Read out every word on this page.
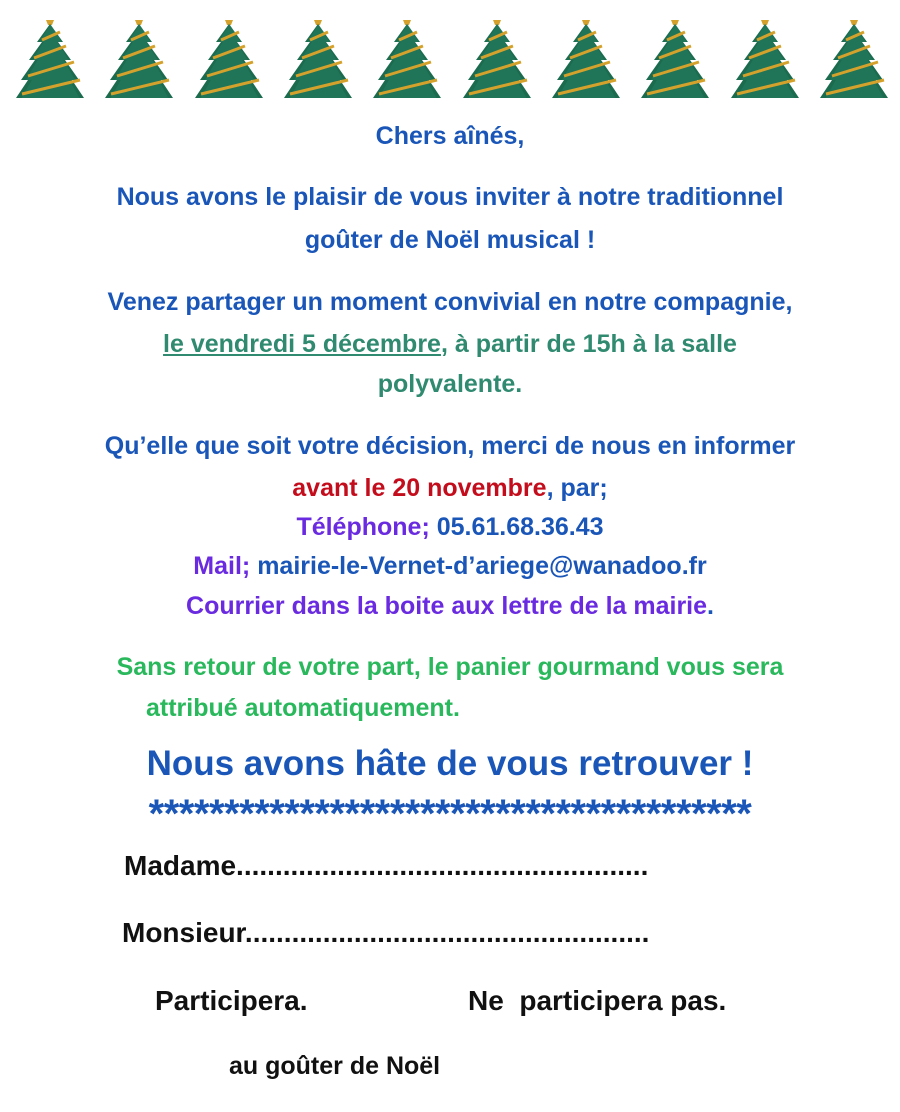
Chers aînés,
Nous avons le plaisir de vous inviter à notre traditionnel
goûter de Noël musical !
Venez partager un moment convivial en notre compagnie,
le vendredi 5 décembre, à partir de 15h à la salle
polyvalente.
Qu’elle que soit votre décision, merci de nous en informer
avant le 20 novembre, par;
Téléphone; 05.61.68.36.43
Mail; mairie-le-Vernet-d’ariege@wanadoo.fr
Courrier dans la boite aux lettre de la mairie.
Sans retour de votre part, le panier gourmand vous sera
attribué automatiquement.
Nous avons hâte de vous retrouver !
****************************************
Madame.....................................................
Monsieur....................................................
Participera.	Ne  participera pas.
au goûter de Noël
